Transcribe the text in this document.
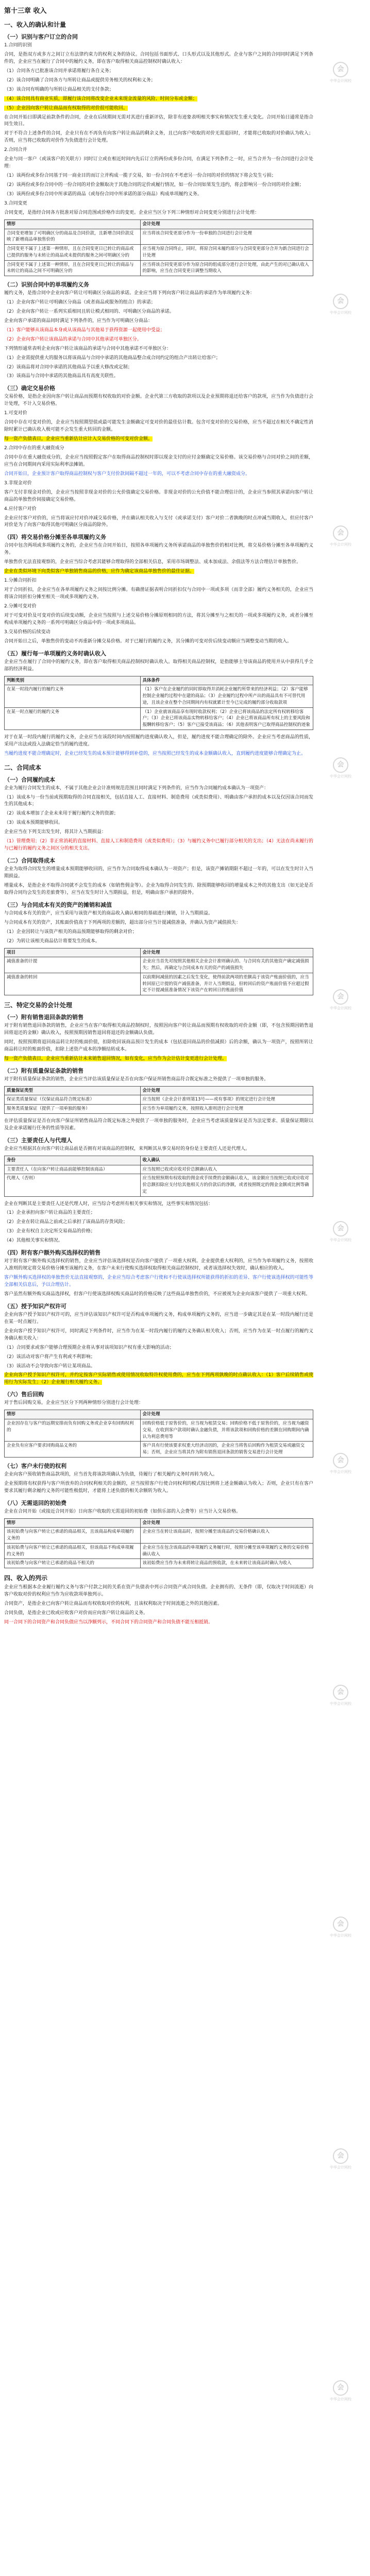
第十三章 收入
一、收入的确认和计量
（一）识别与客户订立的合同

1.合同的识别

合同，是指双方或多方之间订立有法律约束力的权利义务的协议。合同包括书面形式、口头形式以及其他形式。企业与客户之间的合同同时满足下列条件的，企业应当在履行了合同中的履约义务，即在客户取得相关商品控制权时确认收入：

（1）合同各方已批准该合同并承诺将履行各自义务；

（2）该合同明确了合同各方与所转让商品或提供劳务相关的权利和义务；

（3）该合同有明确的与所转让商品相关的支付条款；

（4）该合同具有商业实质，即履行该合同将改变企业未来现金流量的风险、时间分布或金额；

（5）企业因向客户转让商品而有权取得的对价很可能收回。

在合同开始日即满足前款条件的合同，企业在后续期间无需对其进行重新评估，除非有迹象表明相关事实和情况发生重大变化。合同开始日通常是指合同生效日。

对于不符合上述条件的合同，企业只有在不再负有向客户转让商品的剩余义务，且已向客户收取的对价无需退回时，才能将已收取的对价确认为收入；否则，应当将已收取的对价作为负债进行会计处理。

2.合同合并

企业与同一客户（或该客户的关联方）同时订立或在相近时间内先后订立的两份或多份合同，在满足下列条件之一时，应当合并为一份合同进行会计处理：

（1）该两份或多份合同基于同一商业目的而订立并构成一揽子交易，如一份合同在不考虑另一份合同的对价的情况下将会发生亏损；

（2）该两份或多份合同中的一份合同的对价金额取决于其他合同的定价或履行情况，如一份合同如果发生违约，将会影响另一份合同的对价金额；

（3）该两份或多份合同中所承诺的商品（或每份合同中所承诺的部分商品）构成单项履约义务。

3.合同变更

合同变更，是指经合同各方批准对原合同范围或价格作出的变更。企业应当区分下列三种情形对合同变更分别进行会计处理：

情形	会计处理
合同变更增加了可明确区分的商品及合同价款，且新增合同价款反映了新增商品单独售价的	应当将该合同变更部分作为一份单独的合同进行会计处理
合同变更不属于上述第一种情形，且在合同变更日已转让的商品或已提供的服务与未转让的商品或未提供的服务之间可明确区分的	应当视为原合同终止，同时，将原合同未履约部分与合同变更部分合并为新合同进行会计处理
合同变更不属于上述第一种情形，且在合同变更日已转让的商品与未转让的商品之间不可明确区分的	应当将该合同变更部分作为原合同的组成部分进行会计处理，由此产生的对已确认收入的影响，应当在合同变更日调整当期收入
（二）识别合同中的单项履约义务

履约义务，是指合同中企业向客户转让可明确区分商品的承诺。企业应当将下列向客户转让商品的承诺作为单项履约义务：

（1）企业向客户转让可明确区分商品（或者商品或服务的组合）的承诺；

（2）企业向客户转让一系列实质相同且转让模式相同的、可明确区分商品的承诺。

企业向客户承诺的商品同时满足下列条件的，应当作为可明确区分商品：

（1）客户能够从该商品本身或从该商品与其他易于获得资源一起使用中受益；

（2）企业向客户转让该商品的承诺与合同中其他承诺可单独区分。

下列情形通常表明企业向客户转让该商品的承诺与合同中其他承诺不可单独区分：

（1）企业需提供重大的服务以将该商品与合同中承诺的其他商品整合成合同约定的组合产出转让给客户；

（2）该商品将对合同中承诺的其他商品予以重大修改或定制；

（3）该商品与合同中承诺的其他商品具有高度关联性。

（三）确定交易价格

交易价格，是指企业因向客户转让商品而预期有权收取的对价金额。企业代第三方收取的款项以及企业预期将退还给客户的款项，应当作为负债进行会计处理，不计入交易价格。

1.可变对价

合同中存在可变对价的，企业应当按照期望值或最可能发生金额确定可变对价的最佳估计数。包含可变对价的交易价格，应当不超过在相关不确定性消除时累计已确认收入极可能不会发生重大转回的金额。

每一资产负债表日，企业应当重新估计应计入交易价格的可变对价金额。

2.合同中存在的重大融资成分

合同中存在重大融资成分的，企业应当按照假定客户在取得商品控制权时即以现金支付的应付金额确定交易价格。该交易价格与合同对价之间的差额，应当在合同期间内采用实际利率法摊销。

合同开始日，企业预计客户取得商品控制权与客户支付价款间隔不超过一年的，可以不考虑合同中存在的重大融资成分。

3.非现金对价

客户支付非现金对价的，企业应当按照非现金对价的公允价值确定交易价格。非现金对价的公允价值不能合理估计的，企业应当参照其承诺向客户转让商品的单独售价间接确定交易价格。

4.应付客户对价

企业应付客户对价的，应当将该应付对价冲减交易价格，并在确认相关收入与支付（或承诺支付）客户对价二者孰晚的时点冲减当期收入，但应付客户对价是为了向客户取得其他可明确区分商品的除外。

（四）将交易价格分摊至各单项履约义务

合同中包含两项或多项履约义务的，企业应当在合同开始日，按照各单项履约义务所承诺商品的单独售价的相对比例，将交易价格分摊至各单项履约义务。

单独售价无法直接观察的，企业应当综合考虑其能够合理取得的全部相关信息，采用市场调整法、成本加成法、余值法等方法合理估计单独售价。

企业在类似环境下向类似客户单独销售商品的价格，应作为确定该商品单独售价的最佳证据。

1.分摊合同折扣

对于合同折扣，企业应当在各单项履约义务之间按比例分摊。有确凿证据表明合同折扣仅与合同中一项或多项（而非全部）履约义务相关的，企业应当将该合同折扣分摊至相关一项或多项履约义务。

2.分摊可变对价

对于可变对价及可变对价的后续变动额，企业应当按照与上述交易价格分摊原则相同的方法，将其分摊至与之相关的一项或多项履约义务，或者分摊至构成单项履约义务的一系列可明确区分商品中的一项或多项商品。

3.交易价格的后续变动

合同开始日之后，单独售价的变动不再重新分摊交易价格。对于已履行的履约义务，其分摊的可变对价后续变动额应当调整变动当期的收入。

（五）履行每一单项履约义务时确认收入

企业应当在履行了合同中的履约义务，即在客户取得相关商品控制权时确认收入。取得相关商品控制权，是指能够主导该商品的使用并从中获得几乎全部的经济利益。

判断类别	具体条件
在某一时段内履行的履约义务	（1）客户在企业履约的同时即取得并消耗企业履约所带来的经济利益；（2）客户能够控制企业履约过程中在建的商品；（3）企业履约过程中所产出的商品具有不可替代用途，且该企业在整个合同期间内有权就累计至今已完成的履约部分收取款项
在某一时点履行的履约义务	（1）企业就该商品享有现时收款权利；（2）企业已将该商品的法定所有权转移给客户；（3）企业已将该商品实物转移给客户；（4）企业已将该商品所有权上的主要风险和报酬转移给客户；（5）客户已接受该商品；（6）其他表明客户已取得商品控制权的迹象

对于在某一时段内履行的履约义务，企业应当在该段时间内按照履约进度确认收入，但是，履约进度不能合理确定的除外。企业应当考虑商品的性质，采用产出法或投入法确定恰当的履约进度。

当履约进度不能合理确定时，企业已经发生的成本预计能够得到补偿的，应当按照已经发生的成本金额确认收入，直到履约进度能够合理确定为止。

二、合同成本
（一）合同履约成本

企业为履行合同发生的成本，不属于其他企业会计准则规范范围且同时满足下列条件的，应当作为合同履约成本确认为一项资产：

（1）该成本与一份当前或预期取得的合同直接相关，包括直接人工、直接材料、制造费用（或类似费用）、明确由客户承担的成本以及仅因该合同而发生的其他成本；

（2）该成本增加了企业未来用于履行履约义务的资源；

（3）该成本预期能够收回。

企业应当在下列支出发生时，将其计入当期损益：

（1）管理费用；（2）非正常消耗的直接材料、直接人工和制造费用（或类似费用）；（3）与履约义务中已履行部分相关的支出；（4）无法在尚未履行的与已履行的履约义务之间区分的相关支出。

（二）合同取得成本

企业为取得合同发生的增量成本预期能够收回的，应当作为合同取得成本确认为一项资产；但是，该资产摊销期限不超过一年的，可以在发生时计入当期损益。

增量成本，是指企业不取得合同就不会发生的成本（如销售佣金等）。企业为取得合同发生的、除预期能够收回的增量成本之外的其他支出（如无论是否取得合同均会发生的差旅费等），应当在发生时计入当期损益，但是，明确由客户承担的除外。

（三）与合同成本有关的资产的摊销和减值

与合同成本有关的资产，应当采用与该资产相关的商品收入确认相同的基础进行摊销，计入当期损益。

与合同成本有关的资产，其账面价值高于下列两项的差额的，超出部分应当计提减值准备，并确认为资产减值损失：

（1）企业因转让与该资产相关的商品预期能够取得的剩余对价；

（2）为转让该相关商品估计将要发生的成本。

项目	会计处理
减值准备的计提	企业应当首先对按照其他相关企业会计准则确认的、与合同有关的其他资产确定减值损失；然后，再确定与合同成本有关的资产的减值损失
减值准备的转回	以前期间减值的因素之后发生变化，使得前款两项的差额高于该资产账面价值的，应当转回原已计提的资产减值准备，并计入当期损益，但转回后的资产账面价值不应超过假定不计提减值准备情况下该资产在转回日的账面价值
三、特定交易的会计处理
（一）附有销售退回条款的销售

对于附有销售退回条款的销售，企业应当在客户取得相关商品控制权时，按照因向客户转让商品而预期有权收取的对价金额（即，不包含预期因销售退回将退还的金额）确认收入，按照预期因销售退回将退还的金额确认负债。

同时，按照预期将退回商品转让时的账面价值，扣除收回该商品预计发生的成本（包括退回商品的价值减损）后的余额，确认为一项资产，按照所转让商品转让时的账面价值，扣除上述资产成本的净额结转成本。

每一资产负债表日，企业应当重新估计未来销售退回情况，如有变化，应当作为会计估计变更进行会计处理。

（二）附有质量保证条款的销售

对于附有质量保证条款的销售，企业应当评估该质量保证是否在向客户保证所销售商品符合既定标准之外提供了一项单独的服务。

质量保证类型	会计处理
保证类质量保证（仅保证商品符合既定标准）	应当按照《企业会计准则第13号——或有事项》的规定进行会计处理
服务类质量保证（提供了一项单独的服务）	应当作为单项履约义务，按照收入准则进行会计处理

在评估质量保证是否在向客户保证所销售商品符合既定标准之外提供了一项单独的服务时，企业应当考虑该质量保证是否为法定要求、质量保证期限以及企业承诺履行任务的性质等因素。

（三）主要责任人与代理人

企业应当根据其在向客户转让商品前是否拥有对该商品的控制权，来判断其从事交易时的身份是主要责任人还是代理人。

身份	收入确认
主要责任人（在向客户转让商品前能够控制该商品）	应当按照已收或应收对价总额确认收入
代理人（否则）	应当按照预期有权收取的佣金或手续费的金额确认收入，该金额应当按照已收或应收对价总额扣除应支付给其他相关方的价款后的净额，或者按照既定的佣金金额或比例等确定

企业在判断其是主要责任人还是代理人时，应当综合考虑所有相关事实和情况，这些事实和情况包括：

（1）企业承担向客户转让商品的主要责任；

（2）企业在转让商品之前或之后承担了该商品的存货风险；

（3）企业有权自主决定所交易商品的价格；

（4）其他相关事实和情况。

（四）附有客户额外购买选择权的销售

对于附有客户额外购买选择权的销售，企业应当评估该选择权是否向客户提供了一项重大权利。企业提供重大权利的，应当作为单项履约义务，按照收入准则的规定将交易价格分摊至该履约义务，在客户未来行使购买选择权取得相关商品控制权时，或者该选择权失效时，确认相应的收入。

客户额外购买选择权的单独售价无法直接观察的，企业应当综合考虑客户行使和不行使该选择权所能获得的折扣的差异、客户行使该选择权的可能性等全部相关信息后，予以合理估计。

客户虽然有额外购买商品选择权，但客户行使该选择权购买商品时的价格反映了这些商品单独售价的，不应被视为企业向该客户提供了一项重大权利。

（五）授予知识产权许可

企业向客户授予知识产权许可的，应当评估该知识产权许可是否构成单项履约义务，构成单项履约义务的，应当进一步确定其是在某一时段内履行还是在某一时点履行。

企业向客户授予知识产权许可，同时满足下列条件时，应当作为在某一时段内履行的履约义务确认相关收入；否则，应当作为在某一时点履行的履约义务确认相关收入：

（1）合同要求或客户能够合理预期企业将从事对该项知识产权有重大影响的活动；

（2）该活动对客户将产生有利或不利影响；

（3）该活动不会导致向客户转让某项商品。

企业向客户授予知识产权许可，并约定按客户实际销售或使用情况收取特许权使用费的，应当在下列两项孰晚的时点确认收入：（1）客户后续销售或使用行为实际发生；（2）企业履行相关履约义务。

（六）售后回购

对于售后回购交易，企业应当区分下列两种情形分别进行会计处理：

情形	会计处理
企业因存在与客户的远期安排而负有回购义务或企业享有回购权利的	回购价格低于原售价的，应当视为租赁交易；回购价格不低于原售价的，应当视为融资交易，在收到客户款项时确认金融负债，并将该款项和回购价格的差额在回购期间内确认为利息费用等
企业负有应客户要求回购商品义务的	客户具有行使该要求权重大经济动因的，企业应当将售后回购作为租赁交易或融资交易；否则，企业应当将其作为附有销售退回条款的销售交易进行会计处理
（七）客户未行使的权利

企业向客户预收销售商品款项的，应当首先将该款项确认为负债，待履行了相关履约义务时再转为收入。

企业预期将有权获得与客户所放弃的合同权利相关的金额的，应当按照客户行使合同权利的模式按比例将上述金额确认为收入；否则，企业只有在客户要求其履行剩余履约义务的可能性极低时，才能将上述负债的相关余额转为收入。

（八）无需退回的初始费

企业在合同开始（或接近合同开始）日向客户收取的无需退回的初始费（如俱乐部的入会费等）应当计入交易价格。

情形	会计处理
该初始费与向客户转让已承诺的商品相关，且该商品构成单项履约义务的	企业应当在转让该商品时，按照分摊至该商品的交易价格确认收入
该初始费与向客户转让已承诺的商品相关，但该商品不构成单项履约义务的	企业应当在包含该商品的单项履约义务履行时，按照分摊至该单项履约义务的交易价格确认收入
该初始费与向客户转让已承诺的商品不相关的	该初始费应当作为未来将转让商品的预收款，在未来转让该商品时确认为收入
四、收入的列示

企业应当根据本企业履行履约义务与客户付款之间的关系在资产负债表中列示合同资产或合同负债。企业拥有的、无条件（即，仅取决于时间流逝）向客户收取对价的权利应当作为应收款项单独列示。

合同资产，是指企业已向客户转让商品而有权收取对价的权利，且该权利取决于时间流逝之外的其他因素。

合同负债，是指企业已收或应收客户对价而应向客户转让商品的义务。

同一合同下的合同资产和合同负债应当以净额列示，不同合同下的合同资产和合同负债不能互相抵销。

会
中华会计网校
会
中华会计网校
会
中华会计网校
会
中华会计网校
会
中华会计网校
会
中华会计网校
会
中华会计网校
会
中华会计网校
会
中华会计网校
会
中华会计网校
会
中华会计网校
